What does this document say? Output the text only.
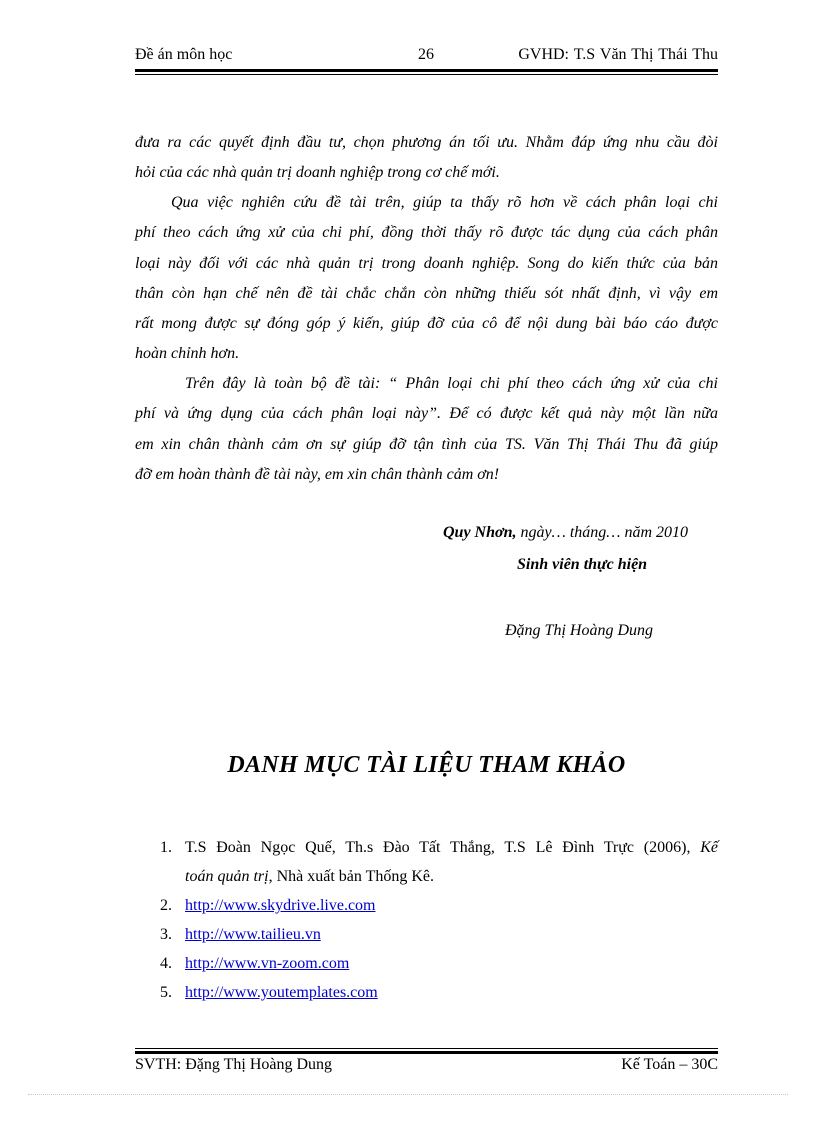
Đề án môn học	26	GVHD: T.S Văn Thị Thái Thu
đưa ra các quyết định đầu tư, chọn phương án tối ưu. Nhằm đáp ứng nhu cầu đòi
hỏi của các nhà quản trị doanh nghiệp trong cơ chế mới.
Qua việc nghiên cứu đề tài trên, giúp ta thấy rõ hơn về cách phân loại chi
phí theo cách ứng xử của chi phí, đồng thời thấy rõ được tác dụng của cách phân
loại này đối với các nhà quản trị trong doanh nghiệp. Song do kiến thức của bản
thân còn hạn chế nên đề tài chắc chắn còn những thiếu sót nhất định, vì vậy em
rất mong được sự đóng góp ý kiến, giúp đỡ của cô để nội dung bài báo cáo được
hoàn chỉnh hơn.
Trên đây là toàn bộ đề tài: “ Phân loại chi phí theo cách ứng xử của chi
phí và ứng dụng của cách phân loại này”. Để có được kết quả này một lần nữa
em xin chân thành cảm ơn sự giúp đỡ tận tình của TS. Văn Thị Thái Thu đã giúp
đỡ em hoàn thành đề tài này, em xin chân thành cảm ơn!
Quy Nhơn, ngày… tháng… năm 2010
Sinh viên thực hiện
Đặng Thị Hoàng Dung
DANH MỤC TÀI LIỆU THAM KHẢO
1. T.S Đoàn Ngọc Quế, Th.s Đào Tất Thắng, T.S Lê Đình Trực (2006), Kế
toán quản trị, Nhà xuất bản Thống Kê.
2. http://www.skydrive.live.com
3. http://www.tailieu.vn
4. http://www.vn-zoom.com
5. http://www.youtemplates.com
SVTH: Đặng Thị Hoàng Dung	Kế Toán – 30C
